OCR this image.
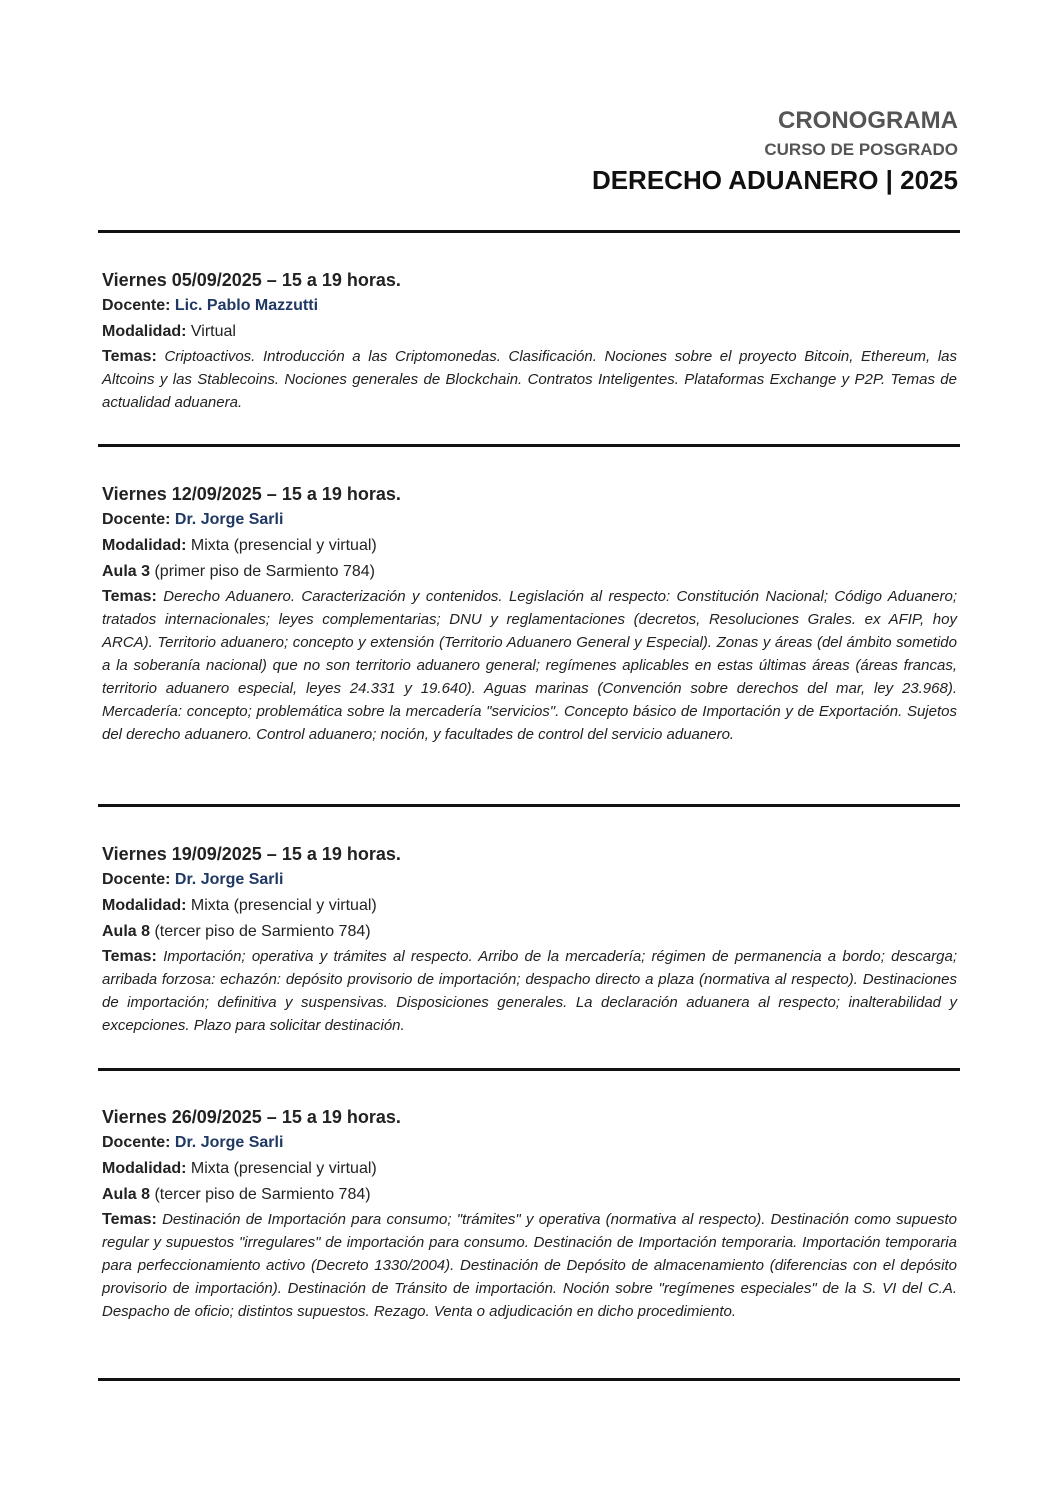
CRONOGRAMA
CURSO DE POSGRADO
DERECHO ADUANERO | 2025
Viernes 05/09/2025 – 15 a 19 horas.
Docente: Lic. Pablo Mazzutti
Modalidad: Virtual
Temas: Criptoactivos. Introducción a las Criptomonedas. Clasificación. Nociones sobre el proyecto Bitcoin, Ethereum, las Altcoins y las Stablecoins. Nociones generales de Blockchain. Contratos Inteligentes. Plataformas Exchange y P2P. Temas de actualidad aduanera.
Viernes 12/09/2025 – 15 a 19 horas.
Docente: Dr. Jorge Sarli
Modalidad: Mixta (presencial y virtual)
Aula 3 (primer piso de Sarmiento 784)
Temas: Derecho Aduanero. Caracterización y contenidos. Legislación al respecto: Constitución Nacional; Código Aduanero; tratados internacionales; leyes complementarias; DNU y reglamentaciones (decretos, Resoluciones Grales. ex AFIP, hoy ARCA). Territorio aduanero; concepto y extensión (Territorio Aduanero General y Especial). Zonas y áreas (del ámbito sometido a la soberanía nacional) que no son territorio aduanero general; regímenes aplicables en estas últimas áreas (áreas francas, territorio aduanero especial, leyes 24.331 y 19.640). Aguas marinas (Convención sobre derechos del mar, ley 23.968). Mercadería: concepto; problemática sobre la mercadería "servicios". Concepto básico de Importación y de Exportación. Sujetos del derecho aduanero. Control aduanero; noción, y facultades de control del servicio aduanero.
Viernes 19/09/2025 – 15 a 19 horas.
Docente: Dr. Jorge Sarli
Modalidad: Mixta (presencial y virtual)
Aula 8 (tercer piso de Sarmiento 784)
Temas: Importación; operativa y trámites al respecto. Arribo de la mercadería; régimen de permanencia a bordo; descarga; arribada forzosa: echazón: depósito provisorio de importación; despacho directo a plaza (normativa al respecto). Destinaciones de importación; definitiva y suspensivas. Disposiciones generales. La declaración aduanera al respecto; inalterabilidad y excepciones. Plazo para solicitar destinación.
Viernes 26/09/2025 – 15 a 19 horas.
Docente: Dr. Jorge Sarli
Modalidad: Mixta (presencial y virtual)
Aula 8 (tercer piso de Sarmiento 784)
Temas: Destinación de Importación para consumo; "trámites" y operativa (normativa al respecto). Destinación como supuesto regular y supuestos "irregulares" de importación para consumo. Destinación de Importación temporaria. Importación temporaria para perfeccionamiento activo (Decreto 1330/2004). Destinación de Depósito de almacenamiento (diferencias con el depósito provisorio de importación). Destinación de Tránsito de importación. Noción sobre "regímenes especiales" de la S. VI del C.A. Despacho de oficio; distintos supuestos. Rezago. Venta o adjudicación en dicho procedimiento.
